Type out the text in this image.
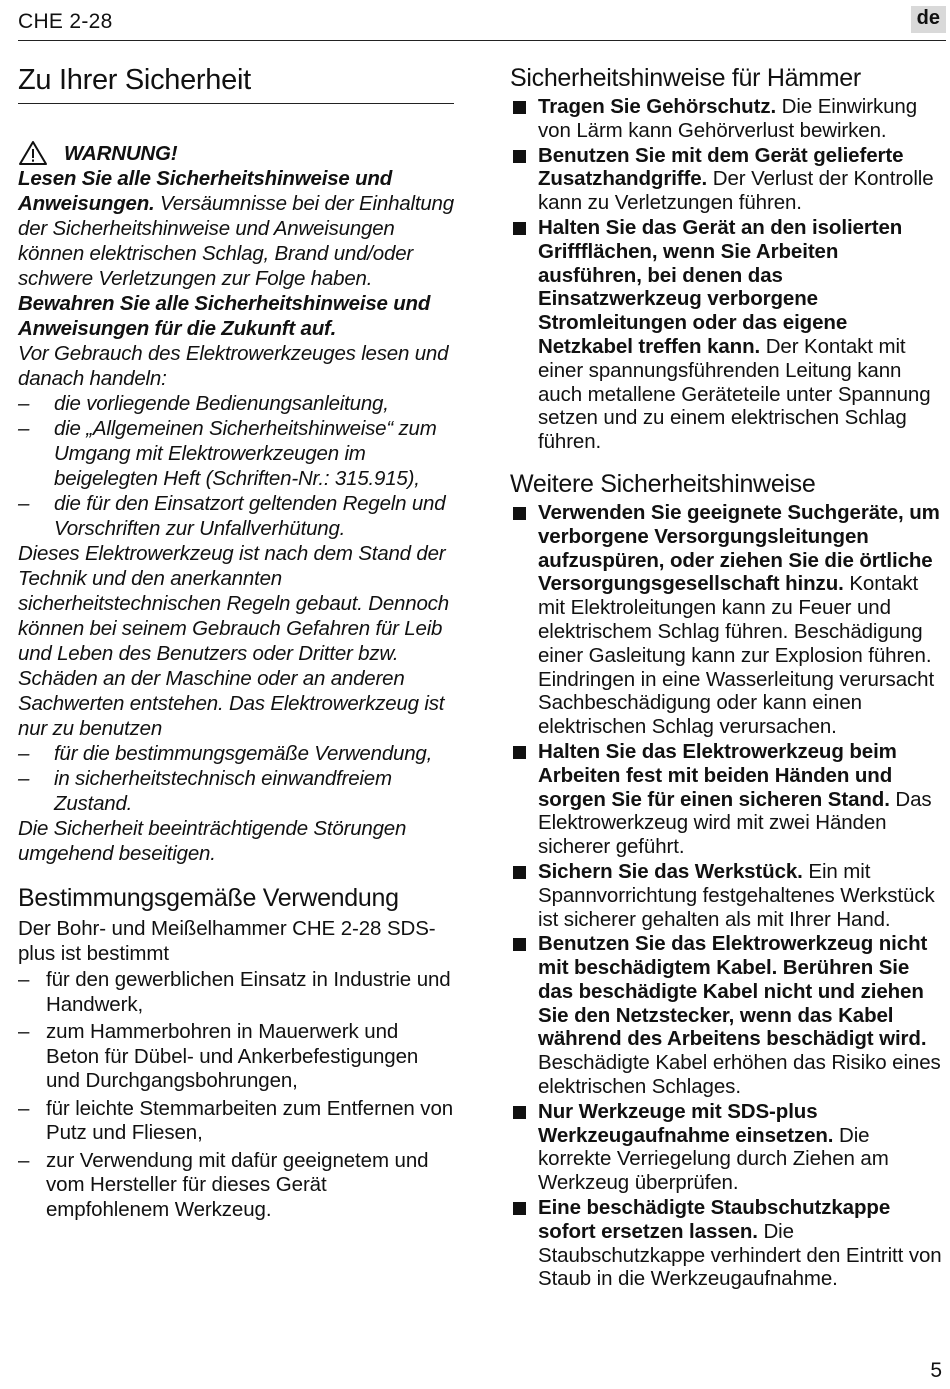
CHE 2-28	de
Zu Ihrer Sicherheit
WARNUNG!

Lesen Sie alle Sicherheitshinweise und Anweisungen. Versäumnisse bei der Einhaltung der Sicherheitshinweise und Anweisungen können elektrischen Schlag, Brand und/oder schwere Verletzungen zur Folge haben. Bewahren Sie alle Sicherheitshinweise und Anweisungen für die Zukunft auf.

Vor Gebrauch des Elektrowerkzeuges lesen und danach handeln:

– die vorliegende Bedienungsanleitung,
– die „Allgemeinen Sicherheitshinweise“ zum Umgang mit Elektrowerkzeugen im beigelegten Heft (Schriften-Nr.: 315.915),
– die für den Einsatzort geltenden Regeln und Vorschriften zur Unfallverhütung.

Dieses Elektrowerkzeug ist nach dem Stand der Technik und den anerkannten sicherheitstechnischen Regeln gebaut. Dennoch können bei seinem Gebrauch Gefahren für Leib und Leben des Benutzers oder Dritter bzw. Schäden an der Maschine oder an anderen Sachwerten entstehen. Das Elektrowerkzeug ist nur zu benutzen

– für die bestimmungsgemäße Verwendung,
– in sicherheitstechnisch einwandfreiem Zustand.

Die Sicherheit beeinträchtigende Störungen umgehend beseitigen.

Bestimmungsgemäße Verwendung

Der Bohr- und Meißelhammer CHE 2-28 SDS-plus ist bestimmt

– für den gewerblichen Einsatz in Industrie und Handwerk,
– zum Hammerbohren in Mauerwerk und Beton für Dübel- und Ankerbefestigungen und Durchgangsbohrungen,
– für leichte Stemmarbeiten zum Entfernen von Putz und Fliesen,
– zur Verwendung mit dafür geeignetem und vom Hersteller für dieses Gerät empfohlenem Werkzeug.
Sicherheitshinweise für Hämmer
Tragen Sie Gehörschutz. Die Einwirkung von Lärm kann Gehörverlust bewirken.
Benutzen Sie mit dem Gerät gelieferte Zusatzhandgriffe. Der Verlust der Kontrolle kann zu Verletzungen führen.
Halten Sie das Gerät an den isolierten Griffflächen, wenn Sie Arbeiten ausführen, bei denen das Einsatzwerkzeug verborgene Stromleitungen oder das eigene Netzkabel treffen kann. Der Kontakt mit einer spannungsführenden Leitung kann auch metallene Geräteteile unter Spannung setzen und zu einem elektrischen Schlag führen.
Weitere Sicherheitshinweise
Verwenden Sie geeignete Suchgeräte, um verborgene Versorgungsleitungen aufzuspüren, oder ziehen Sie die örtliche Versorgungsgesellschaft hinzu. Kontakt mit Elektroleitungen kann zu Feuer und elektrischem Schlag führen. Beschädigung einer Gasleitung kann zur Explosion führen. Eindringen in eine Wasserleitung verursacht Sachbeschädigung oder kann einen elektrischen Schlag verursachen.
Halten Sie das Elektrowerkzeug beim Arbeiten fest mit beiden Händen und sorgen Sie für einen sicheren Stand. Das Elektrowerkzeug wird mit zwei Händen sicherer geführt.
Sichern Sie das Werkstück. Ein mit Spannvorrichtung festgehaltenes Werkstück ist sicherer gehalten als mit Ihrer Hand.
Benutzen Sie das Elektrowerkzeug nicht mit beschädigtem Kabel. Berühren Sie das beschädigte Kabel nicht und ziehen Sie den Netzstecker, wenn das Kabel während des Arbeitens beschädigt wird. Beschädigte Kabel erhöhen das Risiko eines elektrischen Schlages.
Nur Werkzeuge mit SDS-plus Werkzeugaufnahme einsetzen. Die korrekte Verriegelung durch Ziehen am Werkzeug überprüfen.
Eine beschädigte Staubschutzkappe sofort ersetzen lassen. Die Staubschutzkappe verhindert den Eintritt von Staub in die Werkzeugaufnahme.
5
